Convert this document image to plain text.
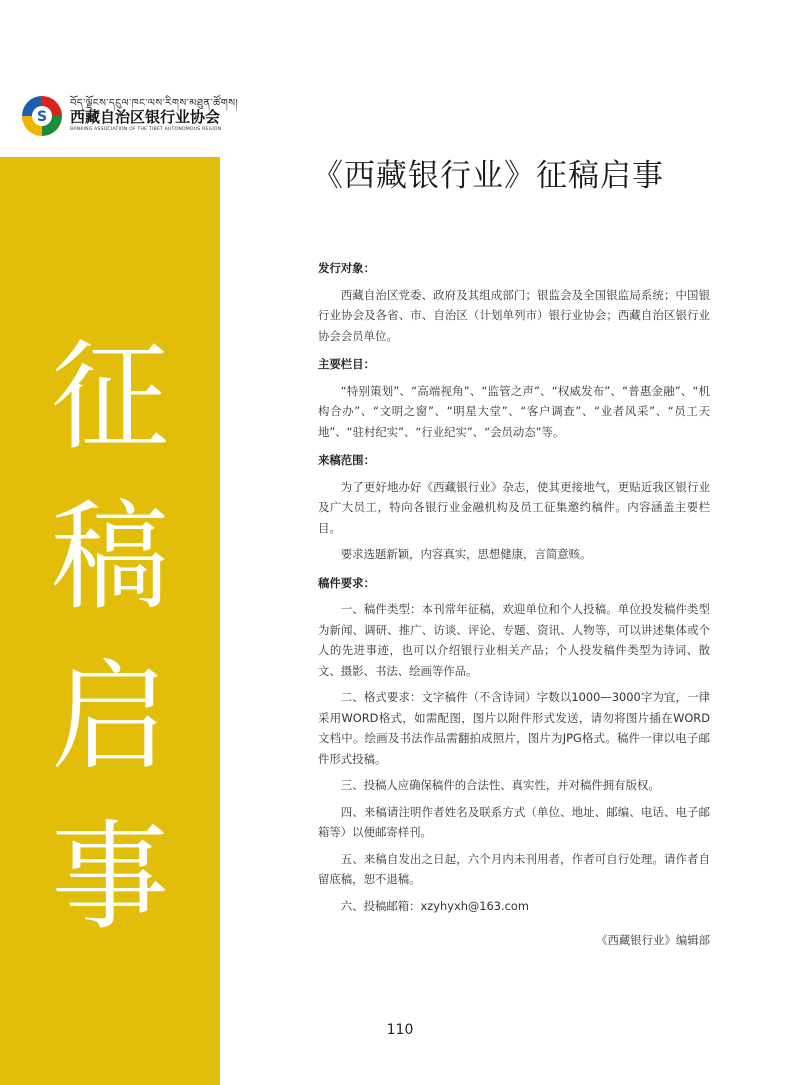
S
བོད་ལྗོངས་དངུལ་ཁང་ལས་རིགས་མཐུན་ཚོགས།
西藏自治区银行业协会
BANKING ASSOCIATION OF THE TIBET AUTONOMOUS REGION
征
稿
启
事
《西藏银行业》征稿启事
发行对象：
西藏自治区党委、政府及其组成部门；银监会及全国银监局系统；中国银行业协会及各省、市、自治区（计划单列市）银行业协会；西藏自治区银行业协会会员单位。
主要栏目：
“特别策划”、“高端视角”、“监管之声”、“权威发布”、“普惠金融”、“机构合办”、“文明之窗”、“明星大堂”、“客户调查”、“业者风采”、“员工天地”、“驻村纪实”、“行业纪实”、“会员动态”等。
来稿范围：
为了更好地办好《西藏银行业》杂志，使其更接地气，更贴近我区银行业及广大员工，特向各银行业金融机构及员工征集邀约稿件。内容涵盖主要栏目。
要求选题新颖，内容真实，思想健康，言简意赅。
稿件要求：
一、稿件类型：本刊常年征稿，欢迎单位和个人投稿。单位投发稿件类型为新闻、调研、推广、访谈、评论、专题、资讯、人物等，可以讲述集体或个人的先进事迹，也可以介绍银行业相关产品；个人投发稿件类型为诗词、散文、摄影、书法、绘画等作品。
二、格式要求：文字稿件（不含诗词）字数以1000—3000字为宜，一律采用WORD格式，如需配图，图片以附件形式发送，请勿将图片插在WORD文档中。绘画及书法作品需翻拍成照片，图片为JPG格式。稿件一律以电子邮件形式投稿。
三、投稿人应确保稿件的合法性、真实性，并对稿件拥有版权。
四、来稿请注明作者姓名及联系方式（单位、地址、邮编、电话、电子邮箱等）以便邮寄样刊。
五、来稿自发出之日起，六个月内未刊用者，作者可自行处理。请作者自留底稿，恕不退稿。
六、投稿邮箱：xzyhyxh@163.com
《西藏银行业》编辑部
110
